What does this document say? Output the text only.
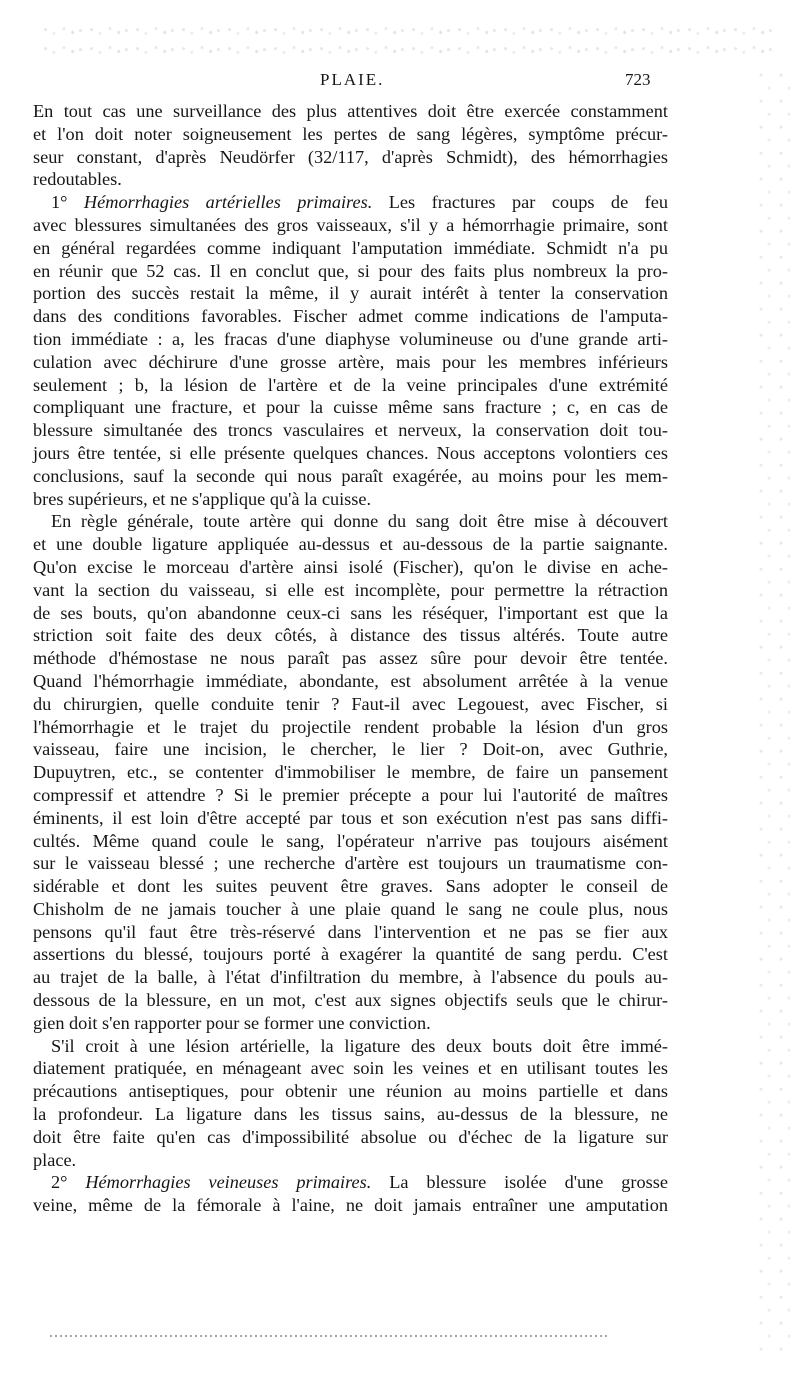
PLAIE.	723
En tout cas une surveillance des plus attentives doit être exercée constamment
et l'on doit noter soigneusement les pertes de sang légères, symptôme précur-
seur constant, d'après Neudörfer (32/117, d'après Schmidt), des hémorrhagies
redoutables.
1° Hémorrhagies artérielles primaires. Les fractures par coups de feu
avec blessures simultanées des gros vaisseaux, s'il y a hémorrhagie primaire, sont
en général regardées comme indiquant l'amputation immédiate. Schmidt n'a pu
en réunir que 52 cas. Il en conclut que, si pour des faits plus nombreux la pro-
portion des succès restait la même, il y aurait intérêt à tenter la conservation
dans des conditions favorables. Fischer admet comme indications de l'amputa-
tion immédiate : a, les fracas d'une diaphyse volumineuse ou d'une grande arti-
culation avec déchirure d'une grosse artère, mais pour les membres inférieurs
seulement ; b, la lésion de l'artère et de la veine principales d'une extrémité
compliquant une fracture, et pour la cuisse même sans fracture ; c, en cas de
blessure simultanée des troncs vasculaires et nerveux, la conservation doit tou-
jours être tentée, si elle présente quelques chances. Nous acceptons volontiers ces
conclusions, sauf la seconde qui nous paraît exagérée, au moins pour les mem-
bres supérieurs, et ne s'applique qu'à la cuisse.
En règle générale, toute artère qui donne du sang doit être mise à découvert
et une double ligature appliquée au-dessus et au-dessous de la partie saignante.
Qu'on excise le morceau d'artère ainsi isolé (Fischer), qu'on le divise en ache-
vant la section du vaisseau, si elle est incomplète, pour permettre la rétraction
de ses bouts, qu'on abandonne ceux-ci sans les réséquer, l'important est que la
striction soit faite des deux côtés, à distance des tissus altérés. Toute autre
méthode d'hémostase ne nous paraît pas assez sûre pour devoir être tentée.
Quand l'hémorrhagie immédiate, abondante, est absolument arrêtée à la venue
du chirurgien, quelle conduite tenir ? Faut-il avec Legouest, avec Fischer, si
l'hémorrhagie et le trajet du projectile rendent probable la lésion d'un gros
vaisseau, faire une incision, le chercher, le lier ? Doit-on, avec Guthrie,
Dupuytren, etc., se contenter d'immobiliser le membre, de faire un pansement
compressif et attendre ? Si le premier précepte a pour lui l'autorité de maîtres
éminents, il est loin d'être accepté par tous et son exécution n'est pas sans diffi-
cultés. Même quand coule le sang, l'opérateur n'arrive pas toujours aisément
sur le vaisseau blessé ; une recherche d'artère est toujours un traumatisme con-
sidérable et dont les suites peuvent être graves. Sans adopter le conseil de
Chisholm de ne jamais toucher à une plaie quand le sang ne coule plus, nous
pensons qu'il faut être très-réservé dans l'intervention et ne pas se fier aux
assertions du blessé, toujours porté à exagérer la quantité de sang perdu. C'est
au trajet de la balle, à l'état d'infiltration du membre, à l'absence du pouls au-
dessous de la blessure, en un mot, c'est aux signes objectifs seuls que le chirur-
gien doit s'en rapporter pour se former une conviction.
S'il croit à une lésion artérielle, la ligature des deux bouts doit être immé-
diatement pratiquée, en ménageant avec soin les veines et en utilisant toutes les
précautions antiseptiques, pour obtenir une réunion au moins partielle et dans
la profondeur. La ligature dans les tissus sains, au-dessus de la blessure, ne
doit être faite qu'en cas d'impossibilité absolue ou d'échec de la ligature sur
place.
2° Hémorrhagies veineuses primaires. La blessure isolée d'une grosse
veine, même de la fémorale à l'aine, ne doit jamais entraîner une amputation
